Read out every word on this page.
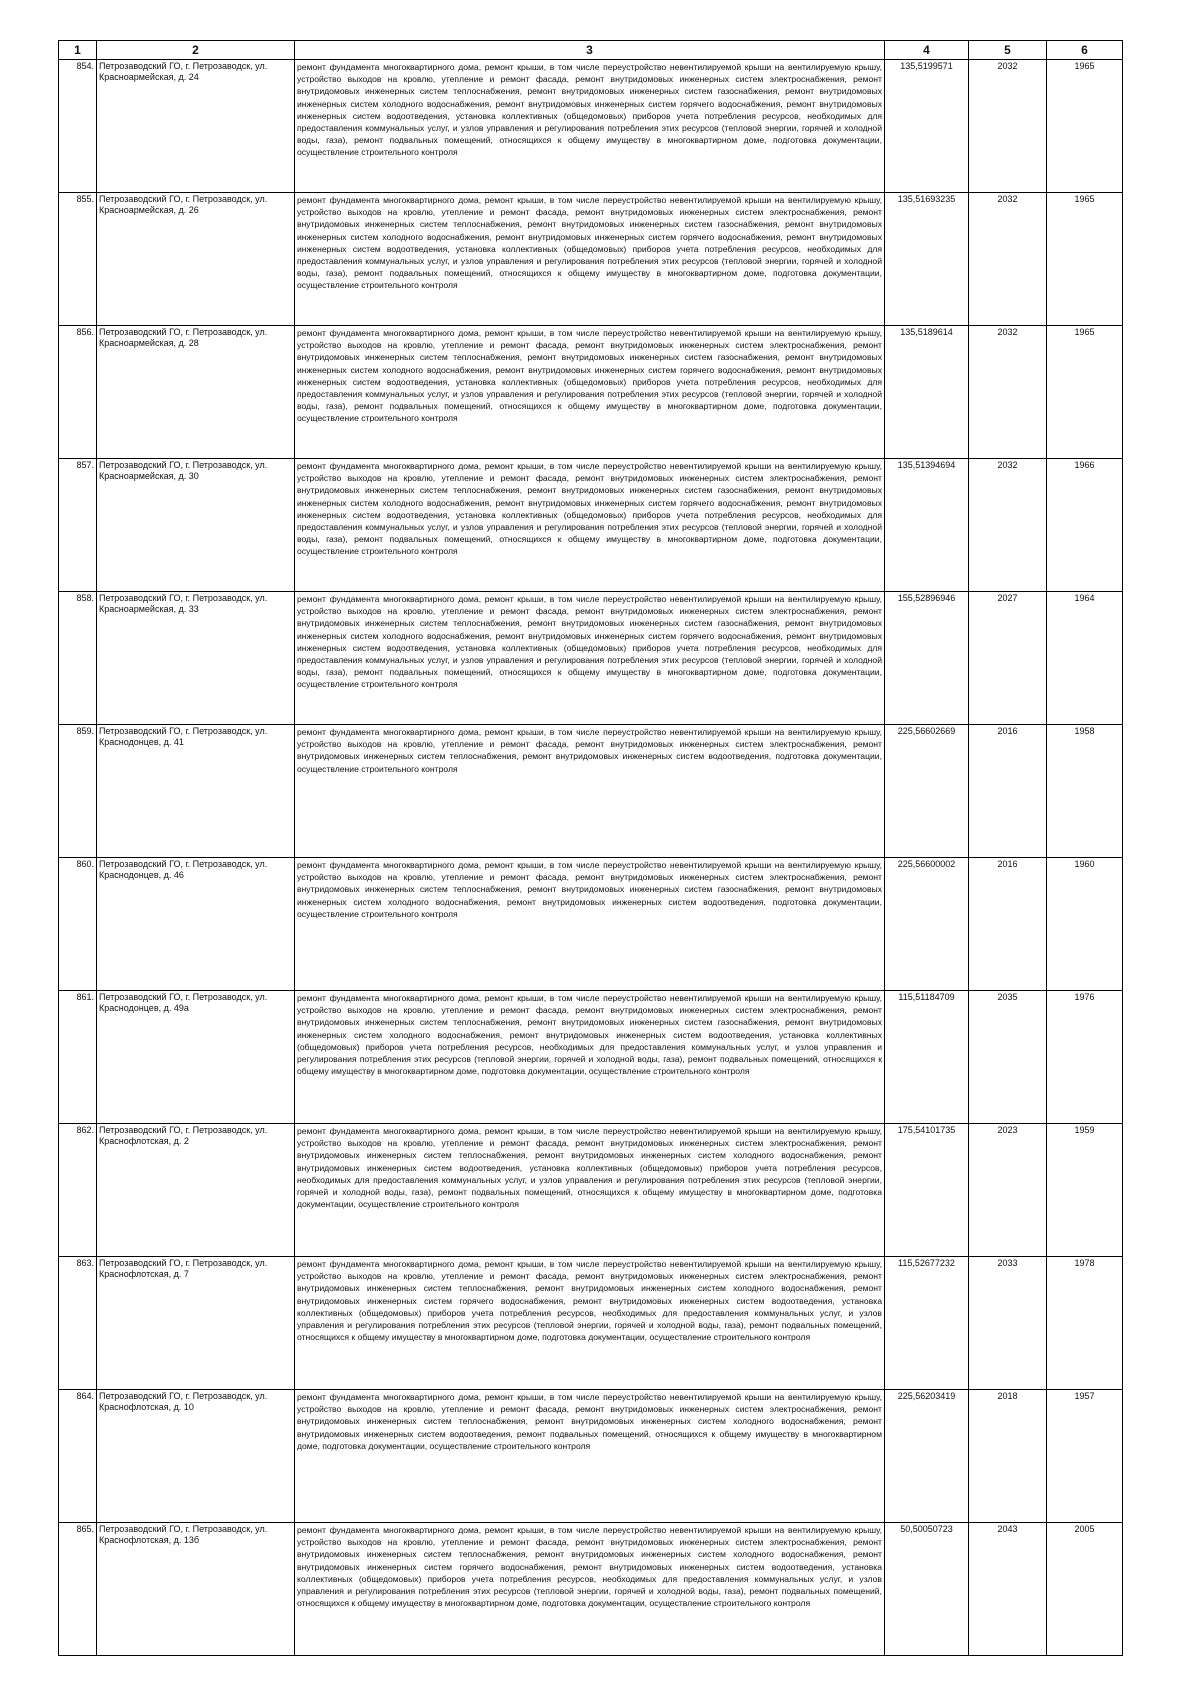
1	2	3	4	5	6
854.	Петрозаводский ГО, г. Петрозаводск, ул. Красноармейская, д. 24	ремонт фундамента многоквартирного дома, ремонт крыши, в том числе переустройство невентилируемой крыши на вентилируемую крышу, устройство выходов на кровлю, утепление и ремонт фасада, ремонт внутридомовых инженерных систем электроснабжения, ремонт внутридомовых инженерных систем теплоснабжения, ремонт внутридомовых инженерных систем газоснабжения, ремонт внутридомовых инженерных систем холодного водоснабжения, ремонт внутридомовых инженерных систем горячего водоснабжения, ремонт внутридомовых инженерных систем водоотведения, установка коллективных (общедомовых) приборов учета потребления ресурсов, необходимых для предоставления коммунальных услуг, и узлов управления и регулирования потребления этих ресурсов (тепловой энергии, горячей и холодной воды, газа), ремонт подвальных помещений, относящихся к общему имуществу в многоквартирном доме, подготовка документации, осуществление строительного контроля	135,5199571	2032	1965
855.	Петрозаводский ГО, г. Петрозаводск, ул. Красноармейская, д. 26	ремонт фундамента многоквартирного дома, ремонт крыши, в том числе переустройство невентилируемой крыши на вентилируемую крышу, устройство выходов на кровлю, утепление и ремонт фасада, ремонт внутридомовых инженерных систем электроснабжения, ремонт внутридомовых инженерных систем теплоснабжения, ремонт внутридомовых инженерных систем газоснабжения, ремонт внутридомовых инженерных систем холодного водоснабжения, ремонт внутридомовых инженерных систем горячего водоснабжения, ремонт внутридомовых инженерных систем водоотведения, установка коллективных (общедомовых) приборов учета потребления ресурсов, необходимых для предоставления коммунальных услуг, и узлов управления и регулирования потребления этих ресурсов (тепловой энергии, горячей и холодной воды, газа), ремонт подвальных помещений, относящихся к общему имуществу в многоквартирном доме, подготовка документации, осуществление строительного контроля	135,51693235	2032	1965
856.	Петрозаводский ГО, г. Петрозаводск, ул. Красноармейская, д. 28	ремонт фундамента многоквартирного дома, ремонт крыши, в том числе переустройство невентилируемой крыши на вентилируемую крышу, устройство выходов на кровлю, утепление и ремонт фасада, ремонт внутридомовых инженерных систем электроснабжения, ремонт внутридомовых инженерных систем теплоснабжения, ремонт внутридомовых инженерных систем газоснабжения, ремонт внутридомовых инженерных систем холодного водоснабжения, ремонт внутридомовых инженерных систем горячего водоснабжения, ремонт внутридомовых инженерных систем водоотведения, установка коллективных (общедомовых) приборов учета потребления ресурсов, необходимых для предоставления коммунальных услуг, и узлов управления и регулирования потребления этих ресурсов (тепловой энергии, горячей и холодной воды, газа), ремонт подвальных помещений, относящихся к общему имуществу в многоквартирном доме, подготовка документации, осуществление строительного контроля	135,5189614	2032	1965
857.	Петрозаводский ГО, г. Петрозаводск, ул. Красноармейская, д. 30	ремонт фундамента многоквартирного дома, ремонт крыши, в том числе переустройство невентилируемой крыши на вентилируемую крышу, устройство выходов на кровлю, утепление и ремонт фасада, ремонт внутридомовых инженерных систем электроснабжения, ремонт внутридомовых инженерных систем теплоснабжения, ремонт внутридомовых инженерных систем газоснабжения, ремонт внутридомовых инженерных систем холодного водоснабжения, ремонт внутридомовых инженерных систем горячего водоснабжения, ремонт внутридомовых инженерных систем водоотведения, установка коллективных (общедомовых) приборов учета потребления ресурсов, необходимых для предоставления коммунальных услуг, и узлов управления и регулирования потребления этих ресурсов (тепловой энергии, горячей и холодной воды, газа), ремонт подвальных помещений, относящихся к общему имуществу в многоквартирном доме, подготовка документации, осуществление строительного контроля	135,51394694	2032	1966
858.	Петрозаводский ГО, г. Петрозаводск, ул. Красноармейская, д. 33	ремонт фундамента многоквартирного дома, ремонт крыши, в том числе переустройство невентилируемой крыши на вентилируемую крышу, устройство выходов на кровлю, утепление и ремонт фасада, ремонт внутридомовых инженерных систем электроснабжения, ремонт внутридомовых инженерных систем теплоснабжения, ремонт внутридомовых инженерных систем газоснабжения, ремонт внутридомовых инженерных систем холодного водоснабжения, ремонт внутридомовых инженерных систем горячего водоснабжения, ремонт внутридомовых инженерных систем водоотведения, установка коллективных (общедомовых) приборов учета потребления ресурсов, необходимых для предоставления коммунальных услуг, и узлов управления и регулирования потребления этих ресурсов (тепловой энергии, горячей и холодной воды, газа), ремонт подвальных помещений, относящихся к общему имуществу в многоквартирном доме, подготовка документации, осуществление строительного контроля	155,52896946	2027	1964
859.	Петрозаводский ГО, г. Петрозаводск, ул. Краснодонцев, д. 41	ремонт фундамента многоквартирного дома, ремонт крыши, в том числе переустройство невентилируемой крыши на вентилируемую крышу, устройство выходов на кровлю, утепление и ремонт фасада, ремонт внутридомовых инженерных систем электроснабжения, ремонт внутридомовых инженерных систем теплоснабжения, ремонт внутридомовых инженерных систем водоотведения, подготовка документации, осуществление строительного контроля	225,56602669	2016	1958
860.	Петрозаводский ГО, г. Петрозаводск, ул. Краснодонцев, д. 46	ремонт фундамента многоквартирного дома, ремонт крыши, в том числе переустройство невентилируемой крыши на вентилируемую крышу, устройство выходов на кровлю, утепление и ремонт фасада, ремонт внутридомовых инженерных систем электроснабжения, ремонт внутридомовых инженерных систем теплоснабжения, ремонт внутридомовых инженерных систем газоснабжения, ремонт внутридомовых инженерных систем холодного водоснабжения, ремонт внутридомовых инженерных систем водоотведения, подготовка документации, осуществление строительного контроля	225,56600002	2016	1960
861.	Петрозаводский ГО, г. Петрозаводск, ул. Краснодонцев, д. 49а	ремонт фундамента многоквартирного дома, ремонт крыши, в том числе переустройство невентилируемой крыши на вентилируемую крышу, устройство выходов на кровлю, утепление и ремонт фасада, ремонт внутридомовых инженерных систем электроснабжения, ремонт внутридомовых инженерных систем теплоснабжения, ремонт внутридомовых инженерных систем газоснабжения, ремонт внутридомовых инженерных систем холодного водоснабжения, ремонт внутридомовых инженерных систем водоотведения, установка коллективных (общедомовых) приборов учета потребления ресурсов, необходимых для предоставления коммунальных услуг, и узлов управления и регулирования потребления этих ресурсов (тепловой энергии, горячей и холодной воды, газа), ремонт подвальных помещений, относящихся к общему имуществу в многоквартирном доме, подготовка документации, осуществление строительного контроля	115,51184709	2035	1976
862.	Петрозаводский ГО, г. Петрозаводск, ул. Краснофлотская, д. 2	ремонт фундамента многоквартирного дома, ремонт крыши, в том числе переустройство невентилируемой крыши на вентилируемую крышу, устройство выходов на кровлю, утепление и ремонт фасада, ремонт внутридомовых инженерных систем электроснабжения, ремонт внутридомовых инженерных систем теплоснабжения, ремонт внутридомовых инженерных систем холодного водоснабжения, ремонт внутридомовых инженерных систем водоотведения, установка коллективных (общедомовых) приборов учета потребления ресурсов, необходимых для предоставления коммунальных услуг, и узлов управления и регулирования потребления этих ресурсов (тепловой энергии, горячей и холодной воды, газа), ремонт подвальных помещений, относящихся к общему имуществу в многоквартирном доме, подготовка документации, осуществление строительного контроля	175,54101735	2023	1959
863.	Петрозаводский ГО, г. Петрозаводск, ул. Краснофлотская, д. 7	ремонт фундамента многоквартирного дома, ремонт крыши, в том числе переустройство невентилируемой крыши на вентилируемую крышу, устройство выходов на кровлю, утепление и ремонт фасада, ремонт внутридомовых инженерных систем электроснабжения, ремонт внутридомовых инженерных систем теплоснабжения, ремонт внутридомовых инженерных систем холодного водоснабжения, ремонт внутридомовых инженерных систем горячего водоснабжения, ремонт внутридомовых инженерных систем водоотведения, установка коллективных (общедомовых) приборов учета потребления ресурсов, необходимых для предоставления коммунальных услуг, и узлов управления и регулирования потребления этих ресурсов (тепловой энергии, горячей и холодной воды, газа), ремонт подвальных помещений, относящихся к общему имуществу в многоквартирном доме, подготовка документации, осуществление строительного контроля	115,52677232	2033	1978
864.	Петрозаводский ГО, г. Петрозаводск, ул. Краснофлотская, д. 10	ремонт фундамента многоквартирного дома, ремонт крыши, в том числе переустройство невентилируемой крыши на вентилируемую крышу, устройство выходов на кровлю, утепление и ремонт фасада, ремонт внутридомовых инженерных систем электроснабжения, ремонт внутридомовых инженерных систем теплоснабжения, ремонт внутридомовых инженерных систем холодного водоснабжения, ремонт внутридомовых инженерных систем водоотведения, ремонт подвальных помещений, относящихся к общему имуществу в многоквартирном доме, подготовка документации, осуществление строительного контроля	225,56203419	2018	1957
865.	Петрозаводский ГО, г. Петрозаводск, ул. Краснофлотская, д. 13б	ремонт фундамента многоквартирного дома, ремонт крыши, в том числе переустройство невентилируемой крыши на вентилируемую крышу, устройство выходов на кровлю, утепление и ремонт фасада, ремонт внутридомовых инженерных систем электроснабжения, ремонт внутридомовых инженерных систем теплоснабжения, ремонт внутридомовых инженерных систем холодного водоснабжения, ремонт внутридомовых инженерных систем горячего водоснабжения, ремонт внутридомовых инженерных систем водоотведения, установка коллективных (общедомовых) приборов учета потребления ресурсов, необходимых для предоставления коммунальных услуг, и узлов управления и регулирования потребления этих ресурсов (тепловой энергии, горячей и холодной воды, газа), ремонт подвальных помещений, относящихся к общему имуществу в многоквартирном доме, подготовка документации, осуществление строительного контроля	50,50050723	2043	2005
